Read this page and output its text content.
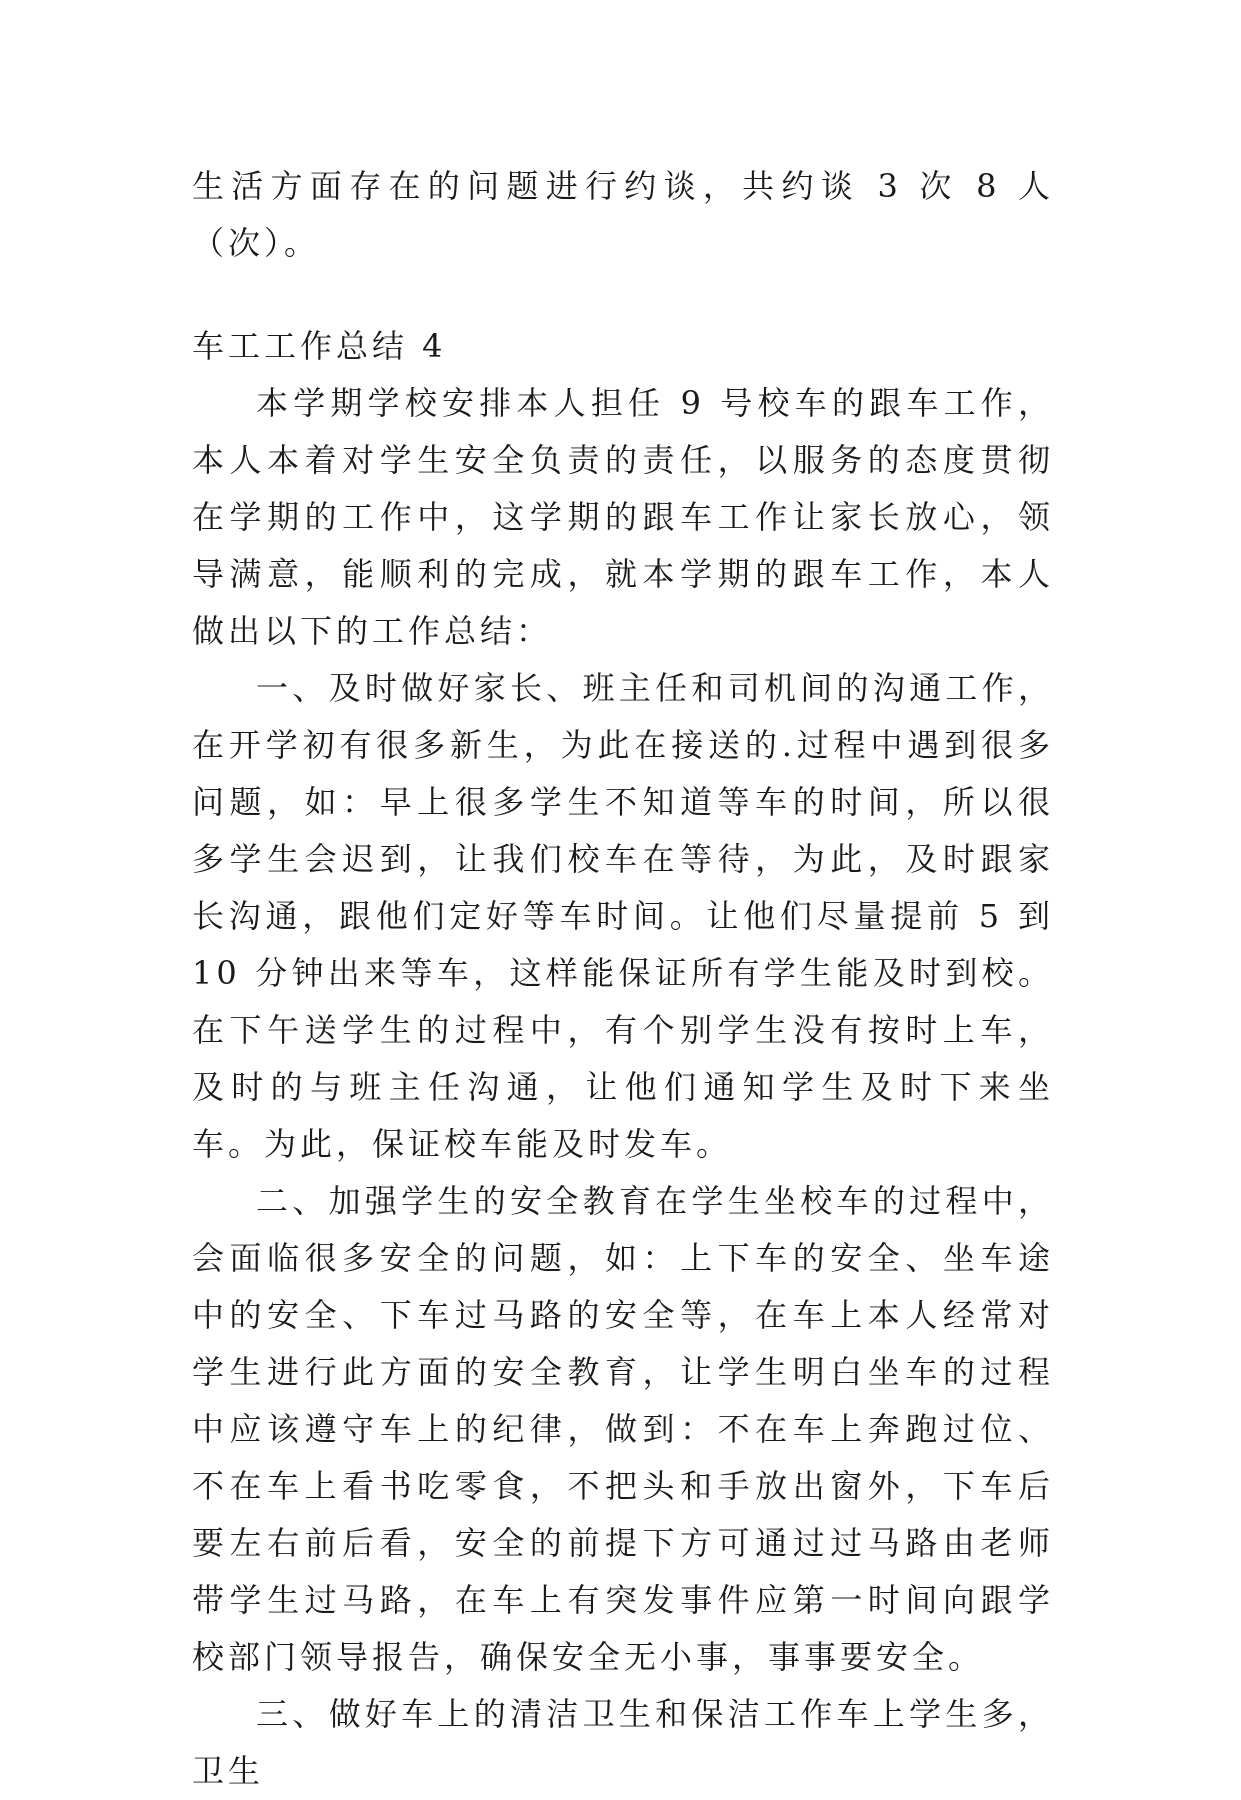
生活方面存在的问题进行约谈，共约谈 3 次 8 人（次）。

车工工作总结 4

本学期学校安排本人担任 9 号校车的跟车工作，本人本着对学生安全负责的责任，以服务的态度贯彻在学期的工作中，这学期的跟车工作让家长放心，领导满意，能顺利的完成，就本学期的跟车工作，本人做出以下的工作总结：

一、及时做好家长、班主任和司机间的沟通工作，在开学初有很多新生，为此在接送的.过程中遇到很多问题，如：早上很多学生不知道等车的时间，所以很多学生会迟到，让我们校车在等待，为此，及时跟家长沟通，跟他们定好等车时间。让他们尽量提前 5 到 10 分钟出来等车，这样能保证所有学生能及时到校。在下午送学生的过程中，有个别学生没有按时上车，及时的与班主任沟通，让他们通知学生及时下来坐车。为此，保证校车能及时发车。

二、加强学生的安全教育在学生坐校车的过程中，会面临很多安全的问题，如：上下车的安全、坐车途中的安全、下车过马路的安全等，在车上本人经常对学生进行此方面的安全教育，让学生明白坐车的过程中应该遵守车上的纪律，做到：不在车上奔跑过位、不在车上看书吃零食，不把头和手放出窗外，下车后要左右前后看，安全的前提下方可通过过马路由老师带学生过马路，在车上有突发事件应第一时间向跟学校部门领导报告，确保安全无小事，事事要安全。

三、做好车上的清洁卫生和保洁工作车上学生多，卫生
